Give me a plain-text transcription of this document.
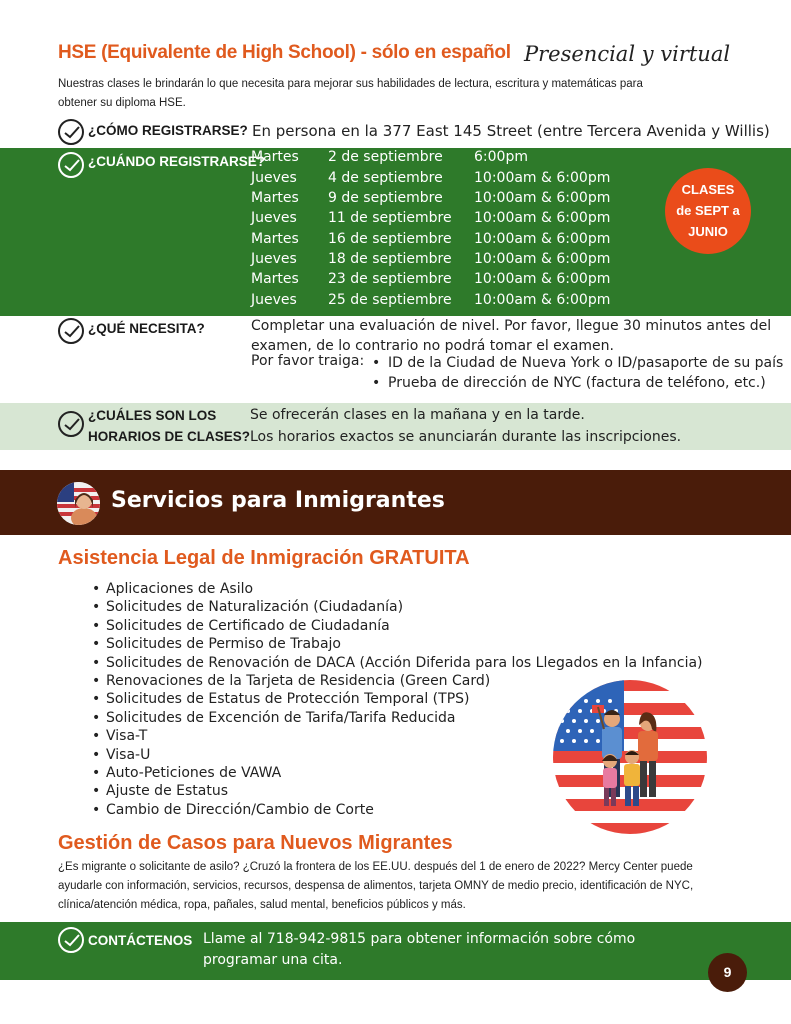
HSE (Equivalente de High School) - sólo en español Presencial y virtual
Nuestras clases le brindarán lo que necesita para mejorar sus habilidades de lectura, escritura y matemáticas para obtener su diploma HSE.
¿CÓMO REGISTRARSE? En persona en la 377 East 145 Street (entre Tercera Avenida y Willis)
¿CUÁNDO REGISTRARSE?
Martes 2 de septiembre 6:00pm
Jueves 4 de septiembre 10:00am & 6:00pm
Martes 9 de septiembre 10:00am & 6:00pm
Jueves 11 de septiembre 10:00am & 6:00pm
Martes 16 de septiembre 10:00am & 6:00pm
Jueves 18 de septiembre 10:00am & 6:00pm
Martes 23 de septiembre 10:00am & 6:00pm
Jueves 25 de septiembre 10:00am & 6:00pm
CLASES
de SEPT a
JUNIO
¿QUÉ NECESITA?	Completar una evaluación de nivel. Por favor, llegue 30 minutos antes del examen, de lo contrario no podrá tomar el examen.
Por favor traiga:
•	ID de la Ciudad de Nueva York o ID/pasaporte de su país
• Prueba de dirección de NYC (factura de teléfono, etc.)
¿CUÁLES SON LOS
HORARIOS DE CLASES?
Se ofrecerán clases en la mañana y en la tarde.
Los horarios exactos se anunciarán durante las inscripciones.
Servicios para Inmigrantes
Asistencia Legal de Inmigración GRATUITA
• Aplicaciones de Asilo
• Solicitudes de Naturalización (Ciudadanía)
• Solicitudes de Certificado de Ciudadanía
• Solicitudes de Permiso de Trabajo
• Solicitudes de Renovación de DACA (Acción Diferida para los Llegados en la Infancia)
• Renovaciones de la Tarjeta de Residencia (Green Card)
• Solicitudes de Estatus de Protección Temporal (TPS)
• Solicitudes de Excención de Tarifa/Tarifa Reducida
• Visa-T
• Visa-U
• Auto-Peticiones de VAWA
• Ajuste de Estatus
• Cambio de Dirección/Cambio de Corte
Gestión de Casos para Nuevos Migrantes
¿Es migrante o solicitante de asilo? ¿Cruzó la frontera de los EE.UU. después del 1 de enero de 2022? Mercy Center puede ayudarle con información, servicios, recursos, despensa de alimentos, tarjeta OMNY de medio precio, identificación de NYC, clínica/atención médica, ropa, pañales, salud mental, beneficios públicos y más.
CONTÁCTENOS Llame al 718-942-9815 para obtener información sobre cómo programar una cita.
9
